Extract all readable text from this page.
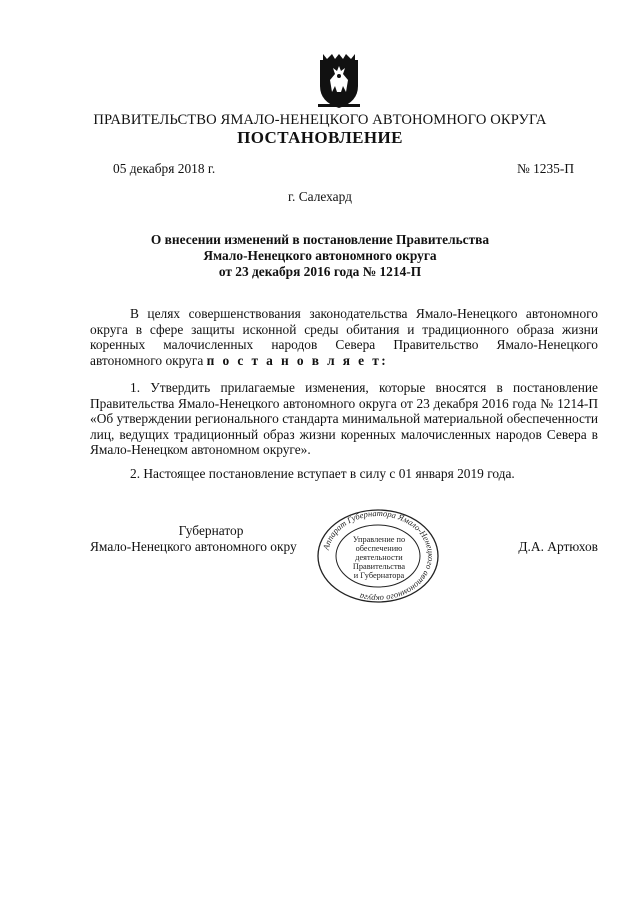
ПРАВИТЕЛЬСТВО ЯМАЛО-НЕНЕЦКОГО АВТОНОМНОГО ОКРУГА
ПОСТАНОВЛЕНИЕ
05 декабря 2018 г.	№ 1235-П
г. Салехард
О внесении изменений в постановление Правительства
Ямало-Ненецкого автономного округа
от 23 декабря 2016 года № 1214-П
В целях совершенствования законодательства Ямало-Ненецкого автономного округа в сфере защиты исконной среды обитания и традиционного образа жизни коренных малочисленных народов Севера Правительство Ямало-Ненецкого автономного округа п о с т а н о в л я е т:
1. Утвердить прилагаемые изменения, которые вносятся в постановление Правительства Ямало-Ненецкого автономного округа от 23 декабря 2016 года № 1214-П «Об утверждении регионального стандарта минимальной материальной обеспеченности лиц, ведущих традиционный образ жизни коренных малочисленных народов Севера в Ямало-Ненецком автономном округе».
2. Настоящее постановление вступает в силу с 01 января 2019 года.
Губернатор
Ямало-Ненецкого автономного окру	Д.А. Артюхов
Аппарат Губернатора Ямало-Ненецкого автономного округа
Управление по
обеспечению
деятельности
Правительства
и Губернатора
